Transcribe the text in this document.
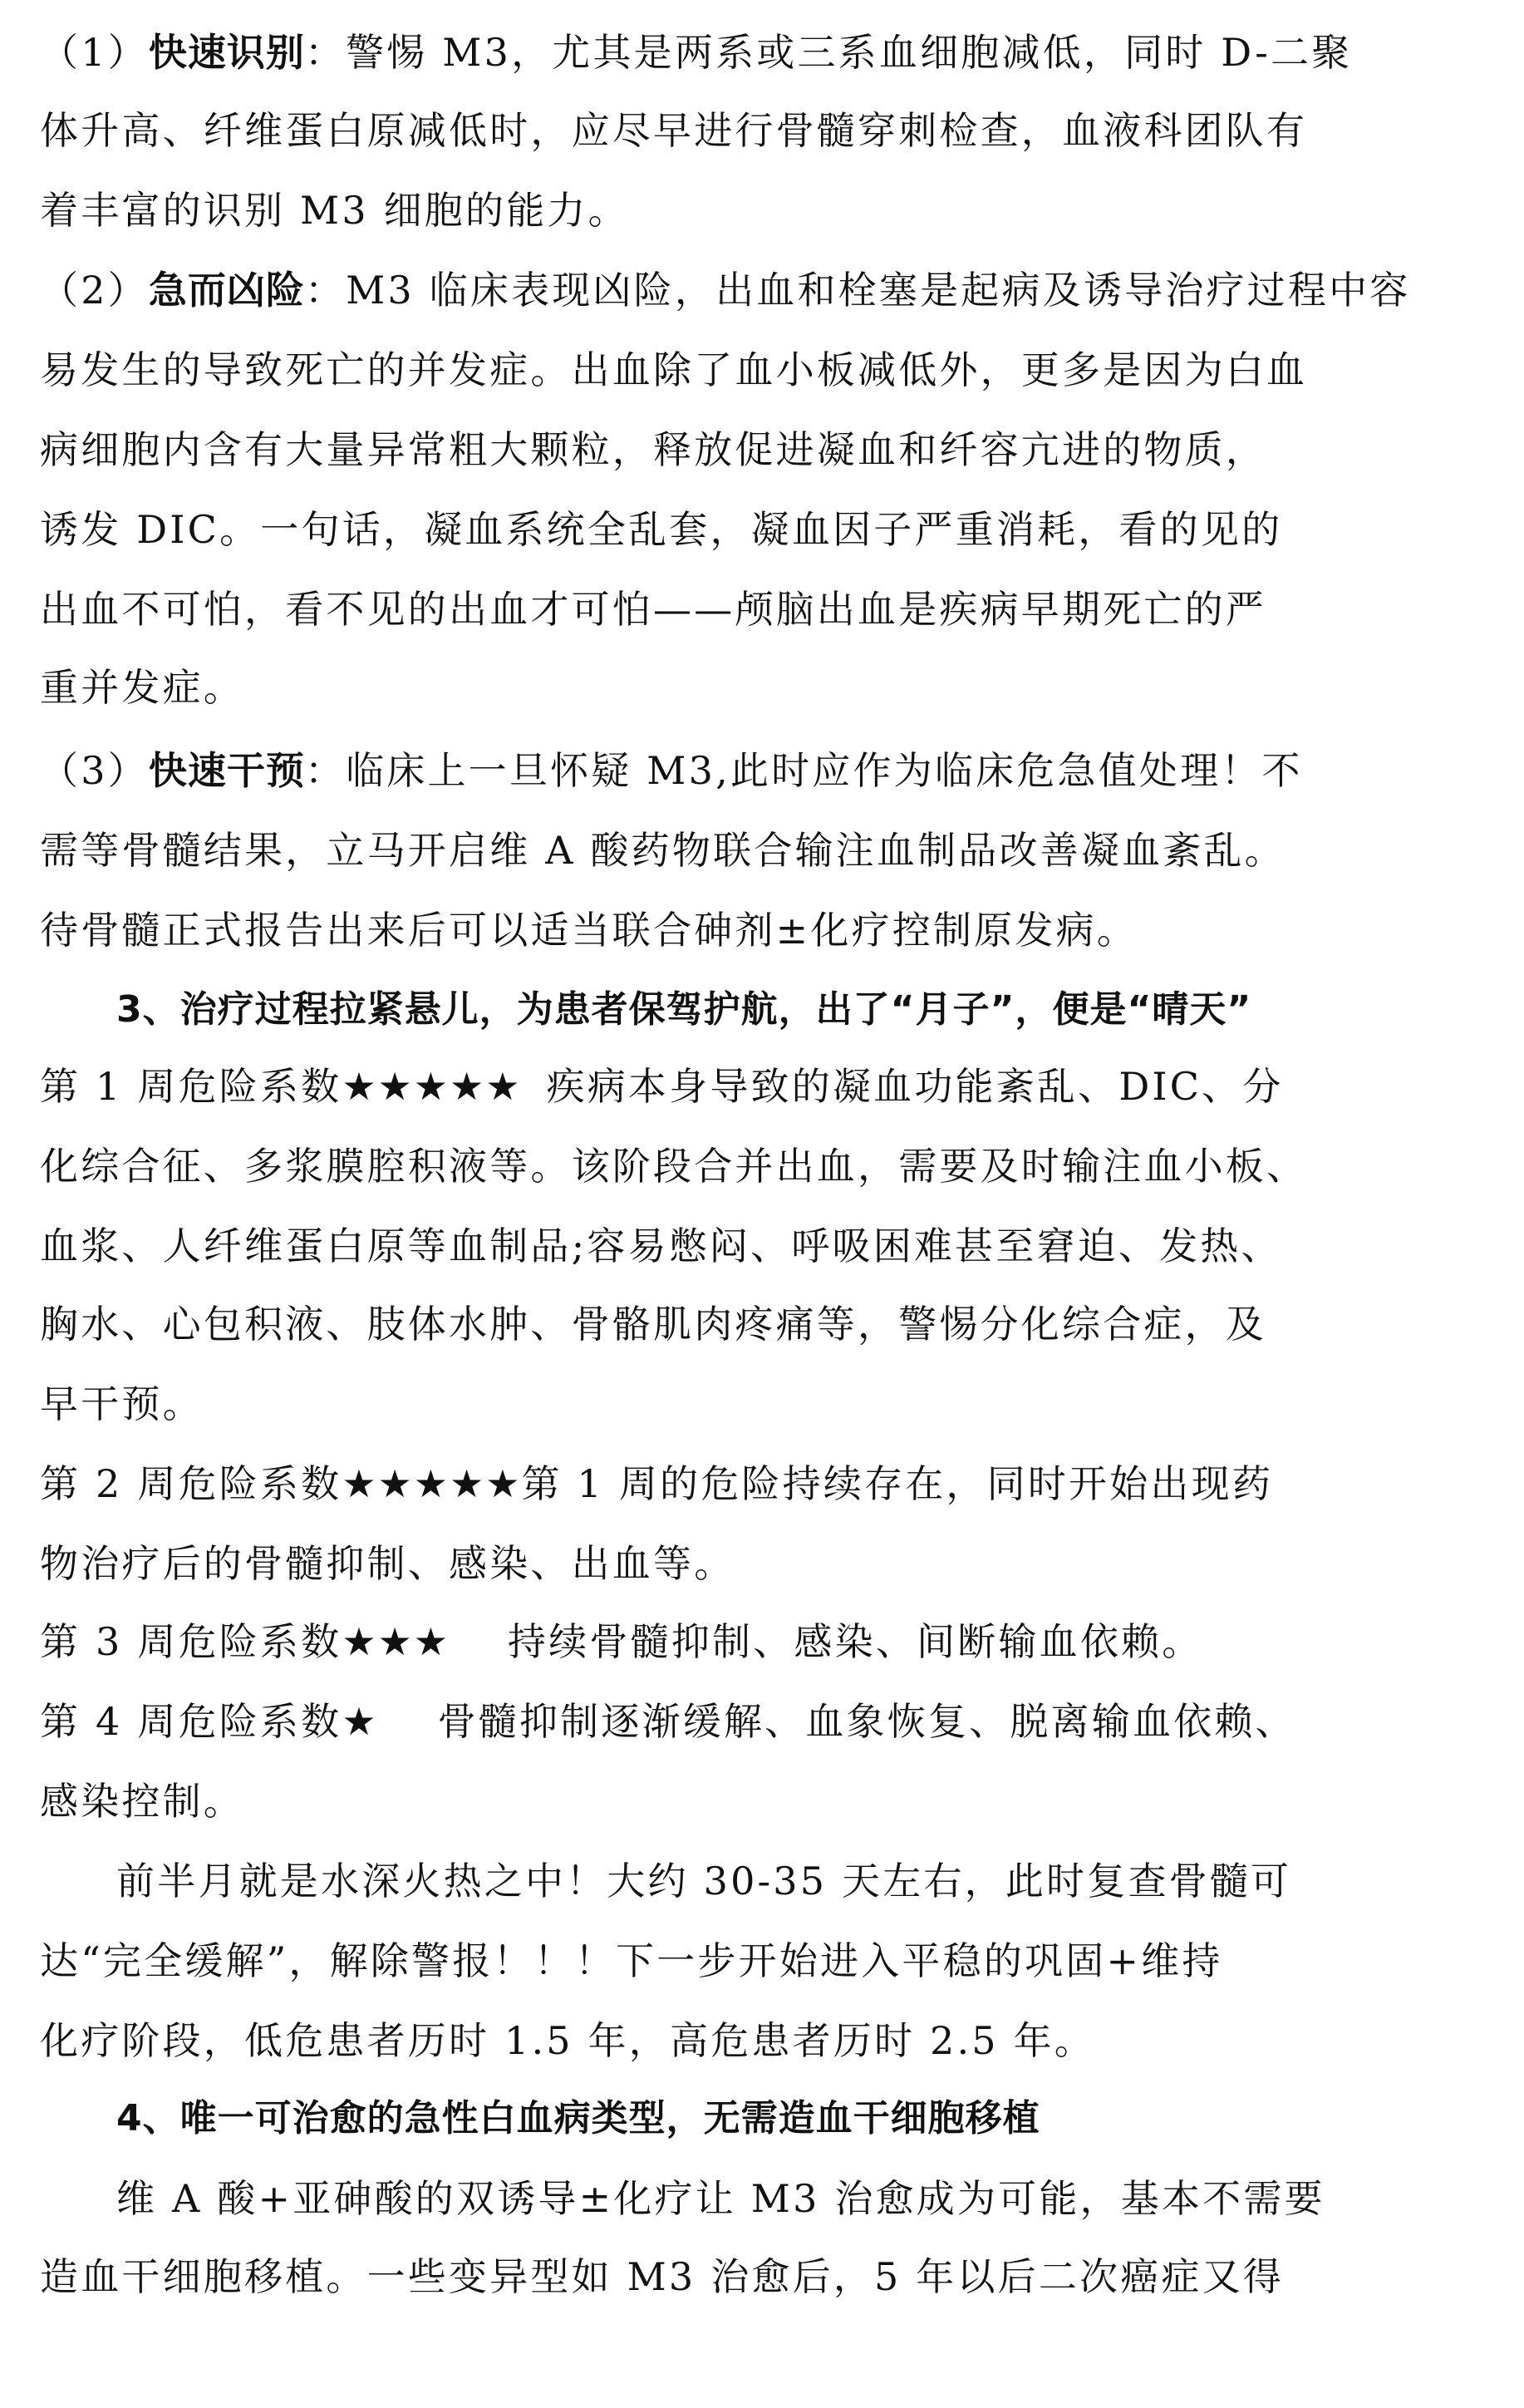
（1）快速识别：警惕 M3，尤其是两系或三系血细胞减低，同时 D-二聚
体升高、纤维蛋白原减低时，应尽早进行骨髓穿刺检查，血液科团队有
着丰富的识别 M3 细胞的能力。
（2）急而凶险：M3 临床表现凶险，出血和栓塞是起病及诱导治疗过程中容
易发生的导致死亡的并发症。出血除了血小板减低外，更多是因为白血
病细胞内含有大量异常粗大颗粒，释放促进凝血和纤容亢进的物质，
诱发 DIC。一句话，凝血系统全乱套，凝血因子严重消耗，看的见的
出血不可怕，看不见的出血才可怕——颅脑出血是疾病早期死亡的严
重并发症。
（3）快速干预：临床上一旦怀疑 M3,此时应作为临床危急值处理！不
需等骨髓结果，立马开启维 A 酸药物联合输注血制品改善凝血紊乱。
待骨髓正式报告出来后可以适当联合砷剂±化疗控制原发病。
3、治疗过程拉紧悬儿，为患者保驾护航，出了“月子”，便是“晴天”
第 1 周危险系数★★★★★ 疾病本身导致的凝血功能紊乱、DIC、分
化综合征、多浆膜腔积液等。该阶段合并出血，需要及时输注血小板、
血浆、人纤维蛋白原等血制品;容易憋闷、呼吸困难甚至窘迫、发热、
胸水、心包积液、肢体水肿、骨骼肌肉疼痛等，警惕分化综合症，及
早干预。
第 2 周危险系数★★★★★第 1 周的危险持续存在，同时开始出现药
物治疗后的骨髓抑制、感染、出血等。
第 3 周危险系数★★★ 持续骨髓抑制、感染、间断输血依赖。
第 4 周危险系数★ 骨髓抑制逐渐缓解、血象恢复、脱离输血依赖、
感染控制。
前半月就是水深火热之中！大约 30-35 天左右，此时复查骨髓可
达“完全缓解”，解除警报！！！下一步开始进入平稳的巩固+维持
化疗阶段，低危患者历时 1.5 年，高危患者历时 2.5 年。
4、唯一可治愈的急性白血病类型，无需造血干细胞移植
维 A 酸+亚砷酸的双诱导±化疗让 M3 治愈成为可能，基本不需要
造血干细胞移植。一些变异型如 M3 治愈后，5 年以后二次癌症又得
